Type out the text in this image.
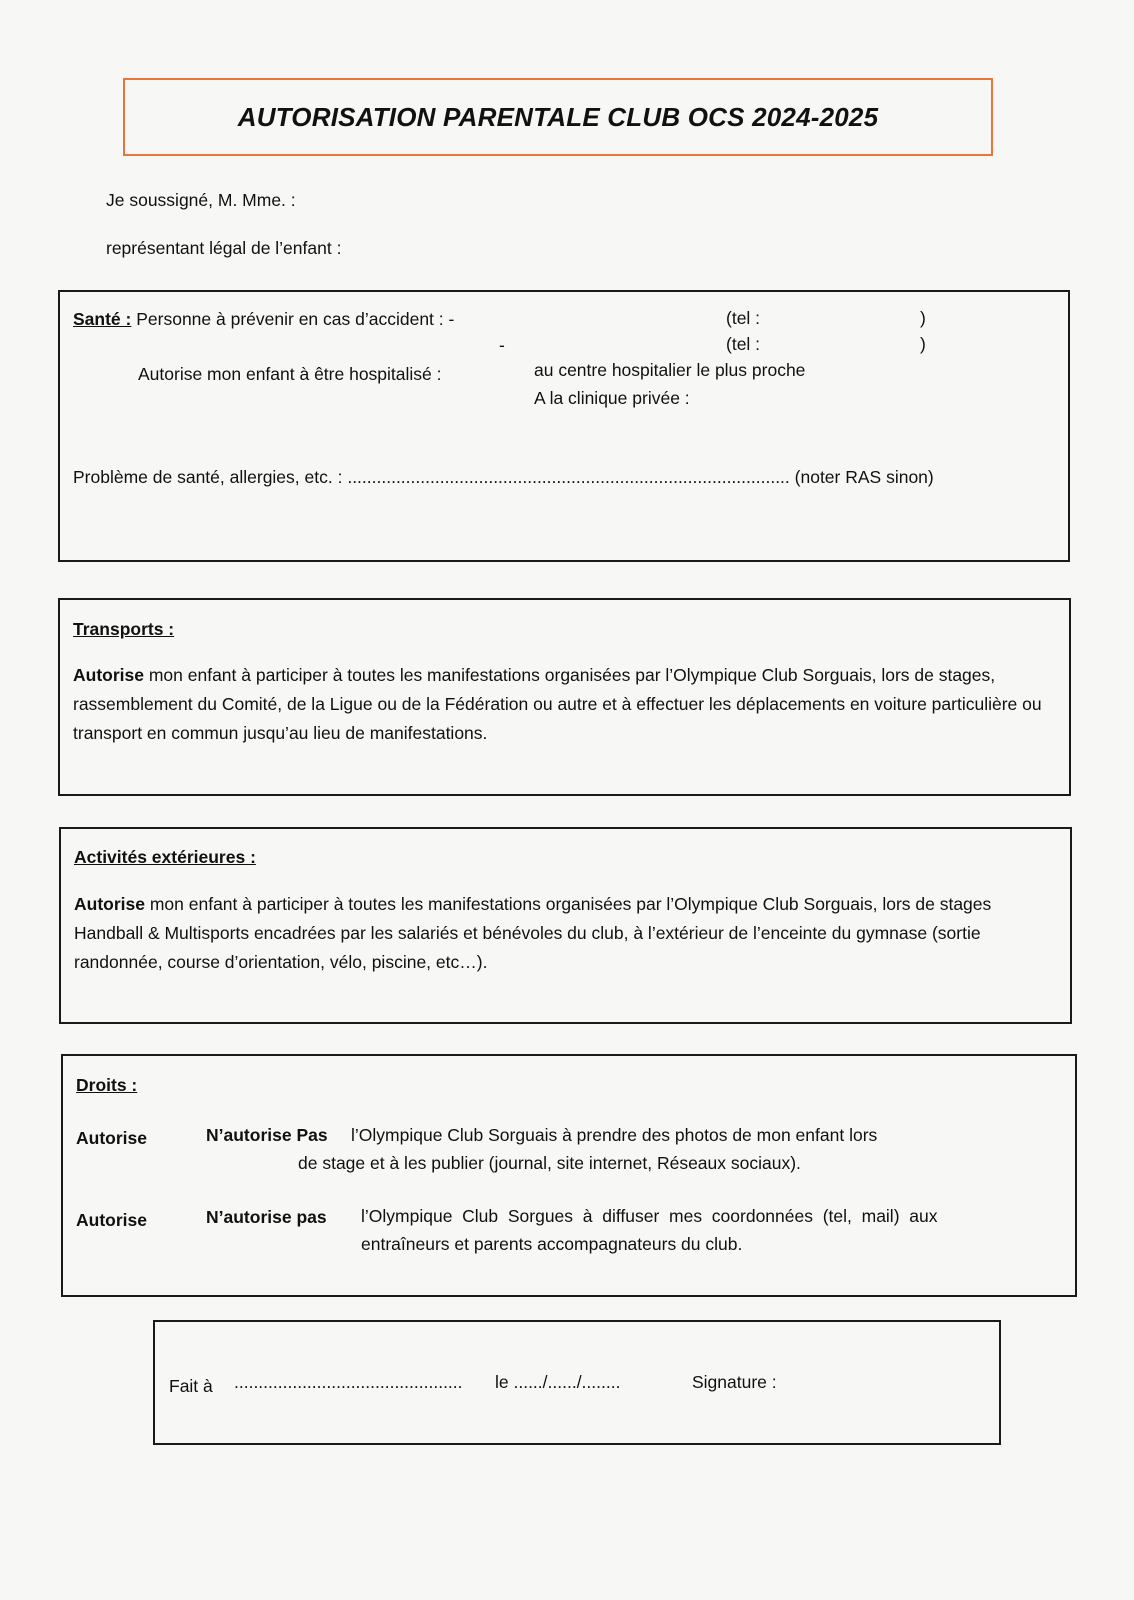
AUTORISATION PARENTALE CLUB OCS 2024-2025
Je soussigné, M. Mme. :
représentant légal de l’enfant :
Santé : Personne à prévenir en cas d’accident : -
-
(tel :	)
(tel :	)
Autorise mon enfant à être hospitalisé :	au centre hospitalier le plus proche
A la clinique privée :
Problème de santé, allergies, etc. : ........................................................................................... (noter RAS sinon)
Transports :
Autorise mon enfant à participer à toutes les manifestations organisées par l’Olympique Club Sorguais, lors de stages, rassemblement du Comité, de la Ligue ou de la Fédération ou autre et à effectuer les déplacements en voiture particulière ou transport en commun jusqu’au lieu de manifestations.
Activités extérieures :
Autorise mon enfant à participer à toutes les manifestations organisées par l’Olympique Club Sorguais, lors de stages Handball & Multisports encadrées par les salariés et bénévoles du club, à l’extérieur de l’enceinte du gymnase (sortie randonnée, course d’orientation, vélo, piscine, etc…).
Droits :
Autorise	N’autorise Pas l’Olympique Club Sorguais à prendre des photos de mon enfant lors
de stage et à les publier (journal, site internet, Réseaux sociaux).
Autorise	N’autorise pas l’Olympique  Club  Sorgues  à  diffuser  mes  coordonnées  (tel,  mail)  aux
entraîneurs et parents accompagnateurs du club.
Fait à ............................................... le ....../....../........	Signature :
